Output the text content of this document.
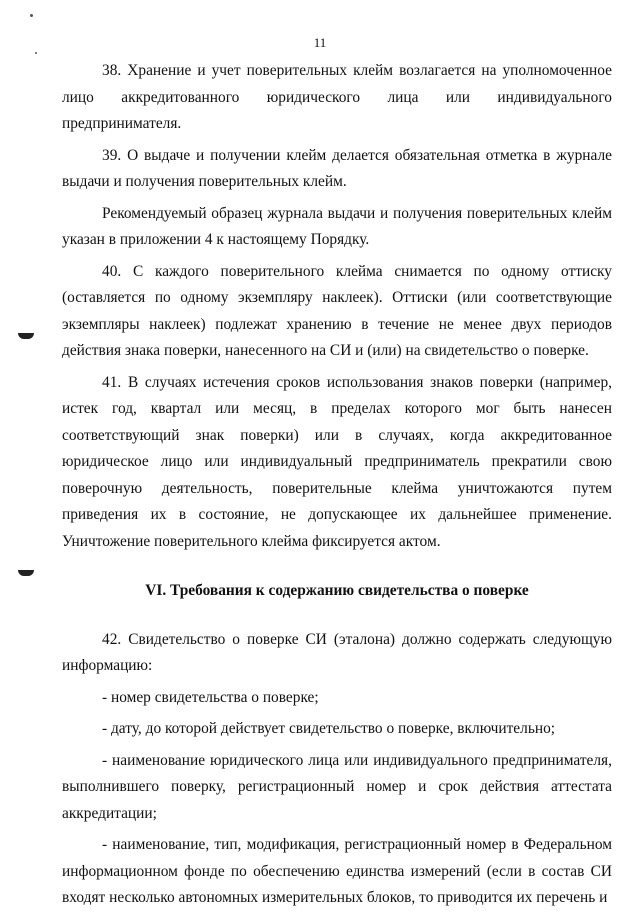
11

38. Хранение и учет поверительных клейм возлагается на уполномоченное лицо аккредитованного юридического лица или индивидуального предпринимателя.

39. О выдаче и получении клейм делается обязательная отметка в журнале выдачи и получения поверительных клейм.

Рекомендуемый образец журнала выдачи и получения поверительных клейм указан в приложении 4 к настоящему Порядку.

40. С каждого поверительного клейма снимается по одному оттиску (оставляется по одному экземпляру наклеек). Оттиски (или соответствующие экземпляры наклеек) подлежат хранению в течение не менее двух периодов действия знака поверки, нанесенного на СИ и (или) на свидетельство о поверке.

41. В случаях истечения сроков использования знаков поверки (например, истек год, квартал или месяц, в пределах которого мог быть нанесен соответствующий знак поверки) или в случаях, когда аккредитованное юридическое лицо или индивидуальный предприниматель прекратили свою поверочную деятельность, поверительные клейма уничтожаются путем приведения их в состояние, не допускающее их дальнейшее применение. Уничтожение поверительного клейма фиксируется актом.

VI. Требования к содержанию свидетельства о поверке

42. Свидетельство о поверке СИ (эталона) должно содержать следующую информацию:

- номер свидетельства о поверке;

- дату, до которой действует свидетельство о поверке, включительно;

- наименование юридического лица или индивидуального предпринимателя, выполнившего поверку, регистрационный номер и срок действия аттестата аккредитации;

- наименование, тип, модификация, регистрационный номер в Федеральном информационном фонде по обеспечению единства измерений (если в состав СИ входят несколько автономных измерительных блоков, то приводится их перечень и
